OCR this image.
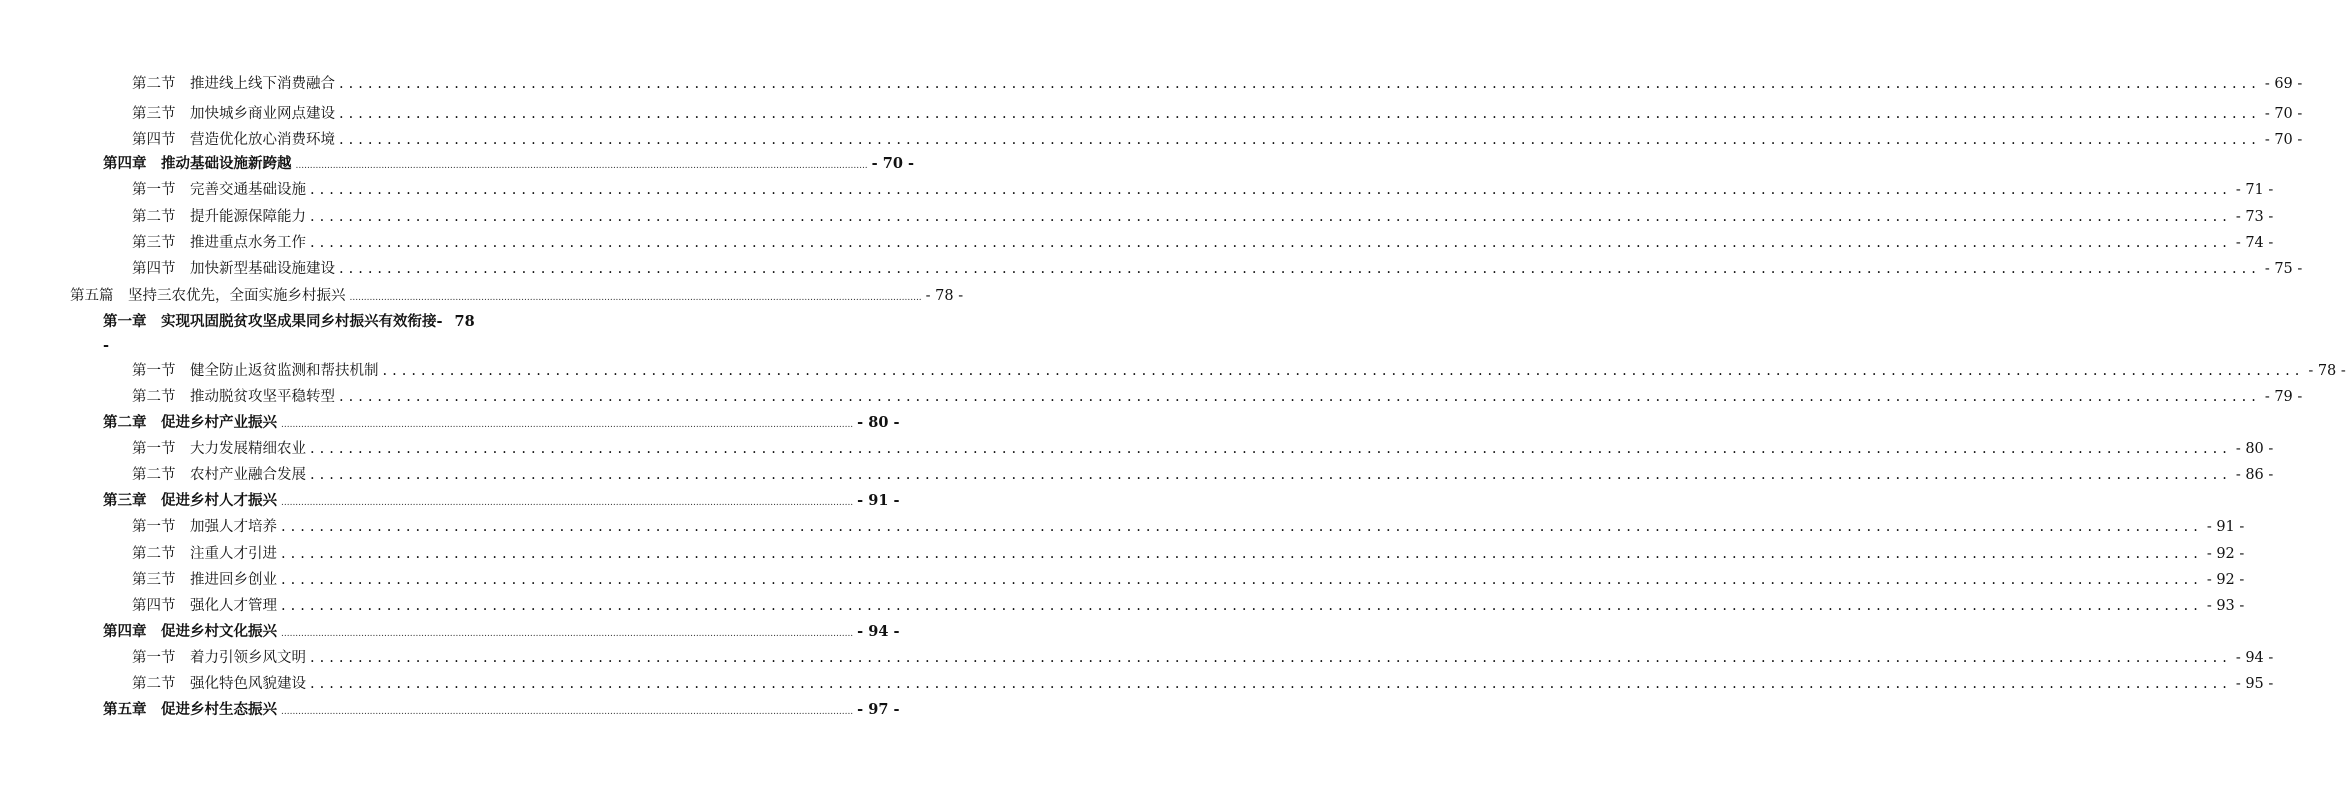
第二节　推进线上线下消费融合 ........................................................................................................................................................................................................ - 69 -
第三节　加快城乡商业网点建设 ........................................................................................................................................................................................................ - 70 -
第四节　营造优化放心消费环境 ........................................................................................................................................................................................................ - 70 -
第四章　推动基础设施新跨越 ........................................................................................................................................................................................................ - 70 -
第一节　完善交通基础设施 ........................................................................................................................................................................................................ - 71 -
第二节　提升能源保障能力 ........................................................................................................................................................................................................ - 73 -
第三节　推进重点水务工作 ........................................................................................................................................................................................................ - 74 -
第四节　加快新型基础设施建设 ........................................................................................................................................................................................................ - 75 -
第五篇　坚持三农优先，全面实施乡村振兴 ........................................................................................................................................................................................................ - 78 -
第一章　实现巩固脱贫攻坚成果同乡村振兴有效衔接- 78
-
第一节　健全防止返贫监测和帮扶机制 ........................................................................................................................................................................................................ - 78 -
第二节　推动脱贫攻坚平稳转型 ........................................................................................................................................................................................................ - 79 -
第二章　促进乡村产业振兴 ........................................................................................................................................................................................................ - 80 -
第一节　大力发展精细农业 ........................................................................................................................................................................................................ - 80 -
第二节　农村产业融合发展 ........................................................................................................................................................................................................ - 86 -
第三章　促进乡村人才振兴 ........................................................................................................................................................................................................ - 91 -
第一节　加强人才培养 ........................................................................................................................................................................................................ - 91 -
第二节　注重人才引进 ........................................................................................................................................................................................................ - 92 -
第三节　推进回乡创业 ........................................................................................................................................................................................................ - 92 -
第四节　强化人才管理 ........................................................................................................................................................................................................ - 93 -
第四章　促进乡村文化振兴 ........................................................................................................................................................................................................ - 94 -
第一节　着力引领乡风文明 ........................................................................................................................................................................................................ - 94 -
第二节　强化特色风貌建设 ........................................................................................................................................................................................................ - 95 -
第五章　促进乡村生态振兴 ........................................................................................................................................................................................................ - 97 -
